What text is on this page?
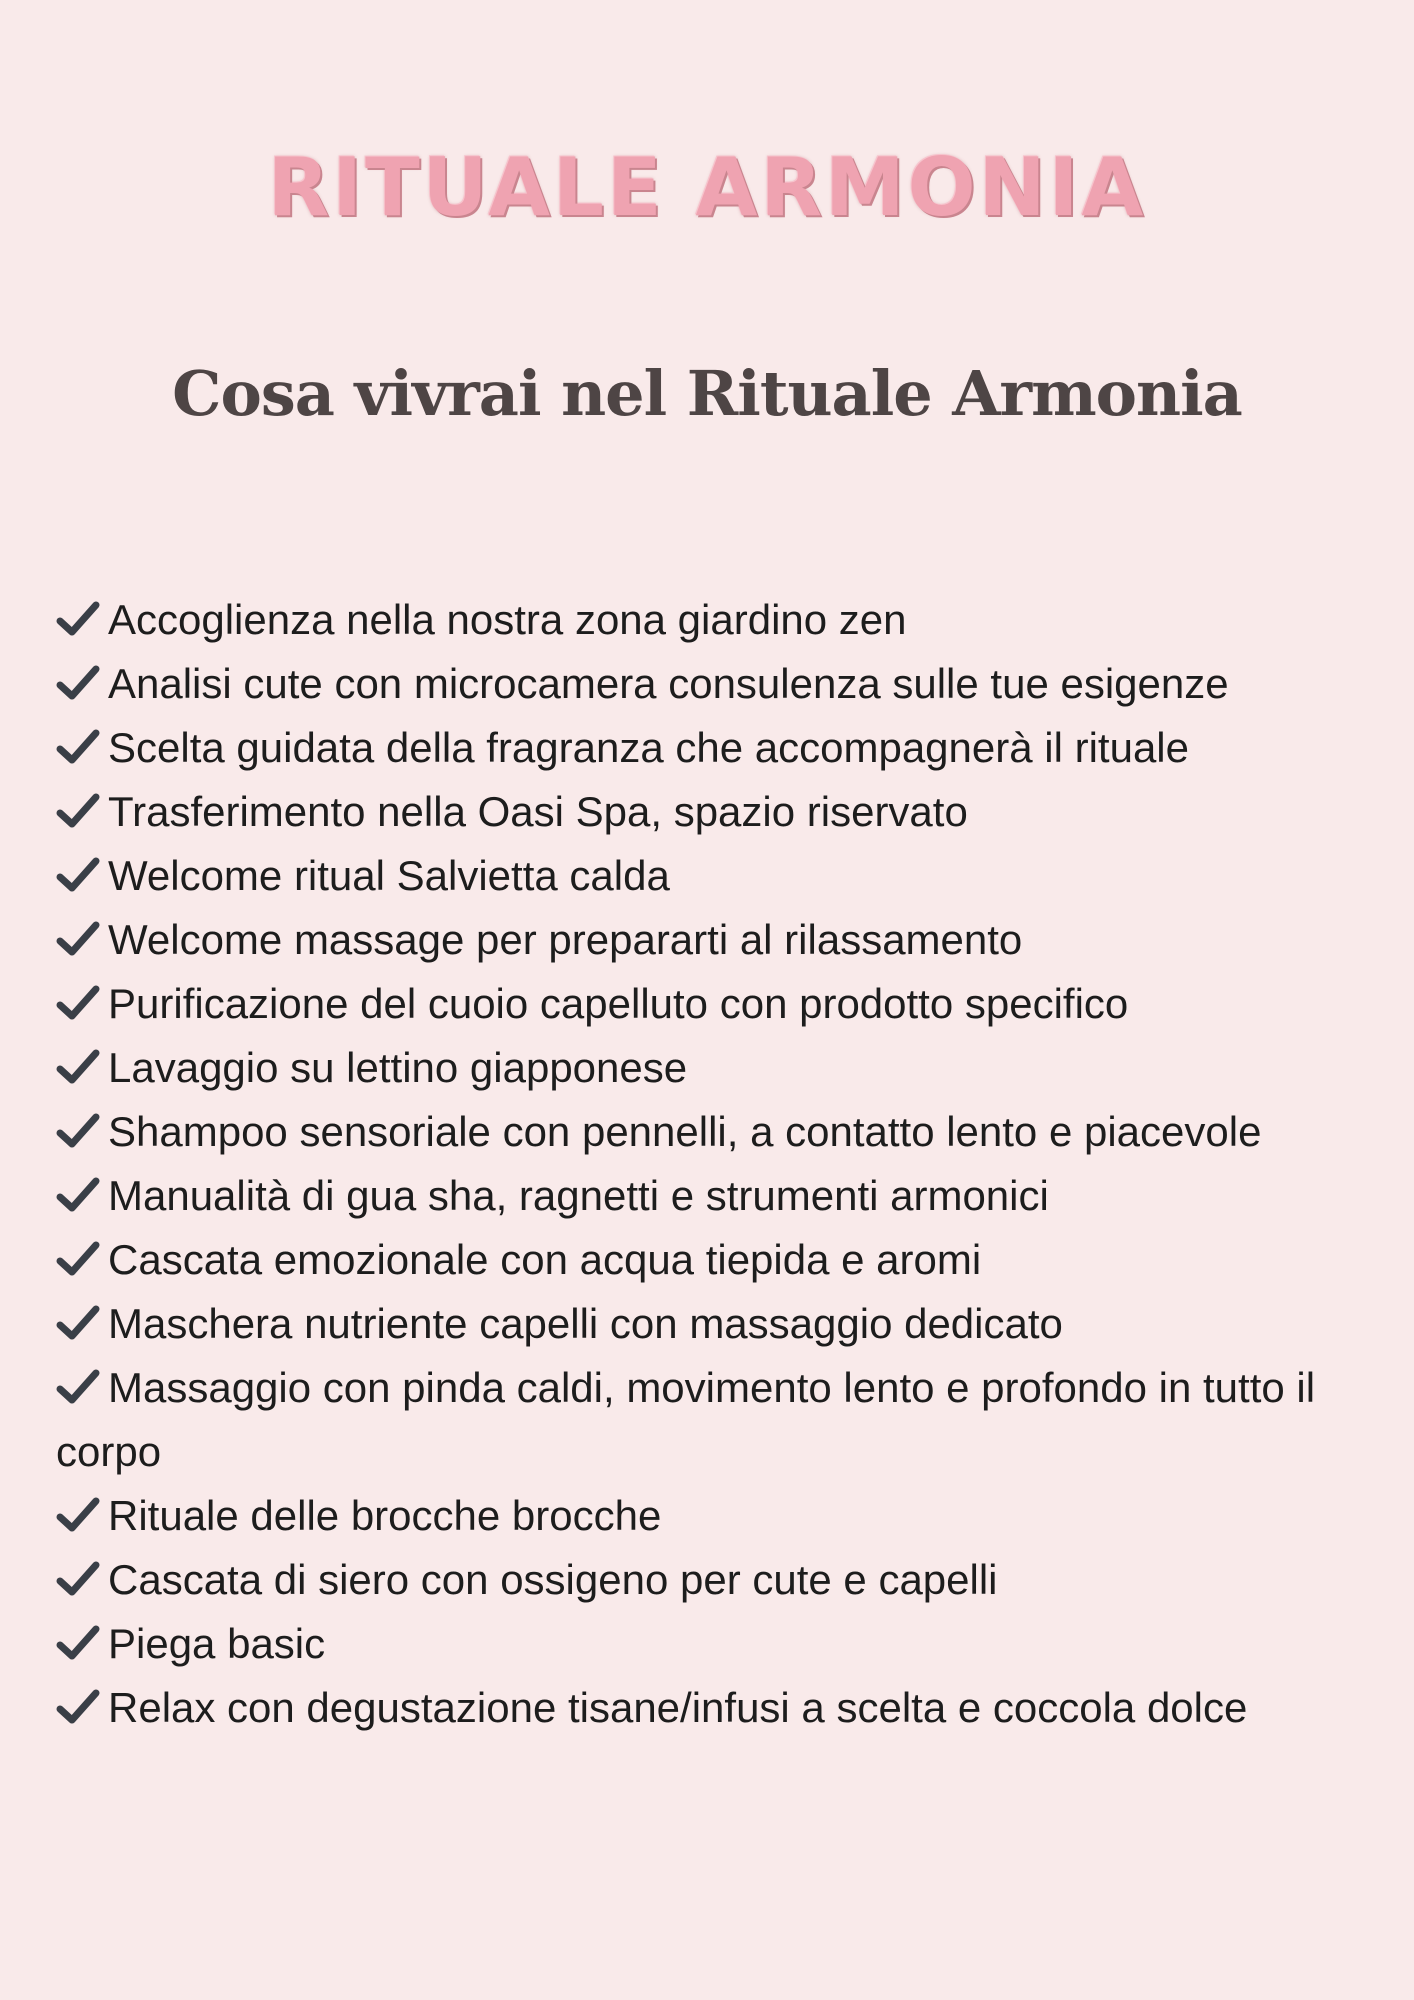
RITUALE ARMONIA
Cosa vivrai nel Rituale Armonia
Accoglienza nella nostra zona giardino zen
Analisi cute con microcamera consulenza sulle tue esigenze
Scelta guidata della fragranza che accompagnerà il rituale
Trasferimento nella Oasi Spa, spazio riservato
Welcome ritual Salvietta calda
Welcome massage per prepararti al rilassamento
Purificazione del cuoio capelluto con prodotto specifico
Lavaggio su lettino giapponese
Shampoo sensoriale con pennelli, a contatto lento e piacevole
Manualità di gua sha, ragnetti e strumenti armonici
Cascata emozionale con acqua tiepida e aromi
Maschera nutriente capelli con massaggio dedicato
Massaggio con pinda caldi, movimento lento e profondo in tutto il corpo
Rituale delle brocche brocche
Cascata di siero con ossigeno per cute e capelli
Piega basic
Relax con degustazione tisane/infusi a scelta e coccola dolce
